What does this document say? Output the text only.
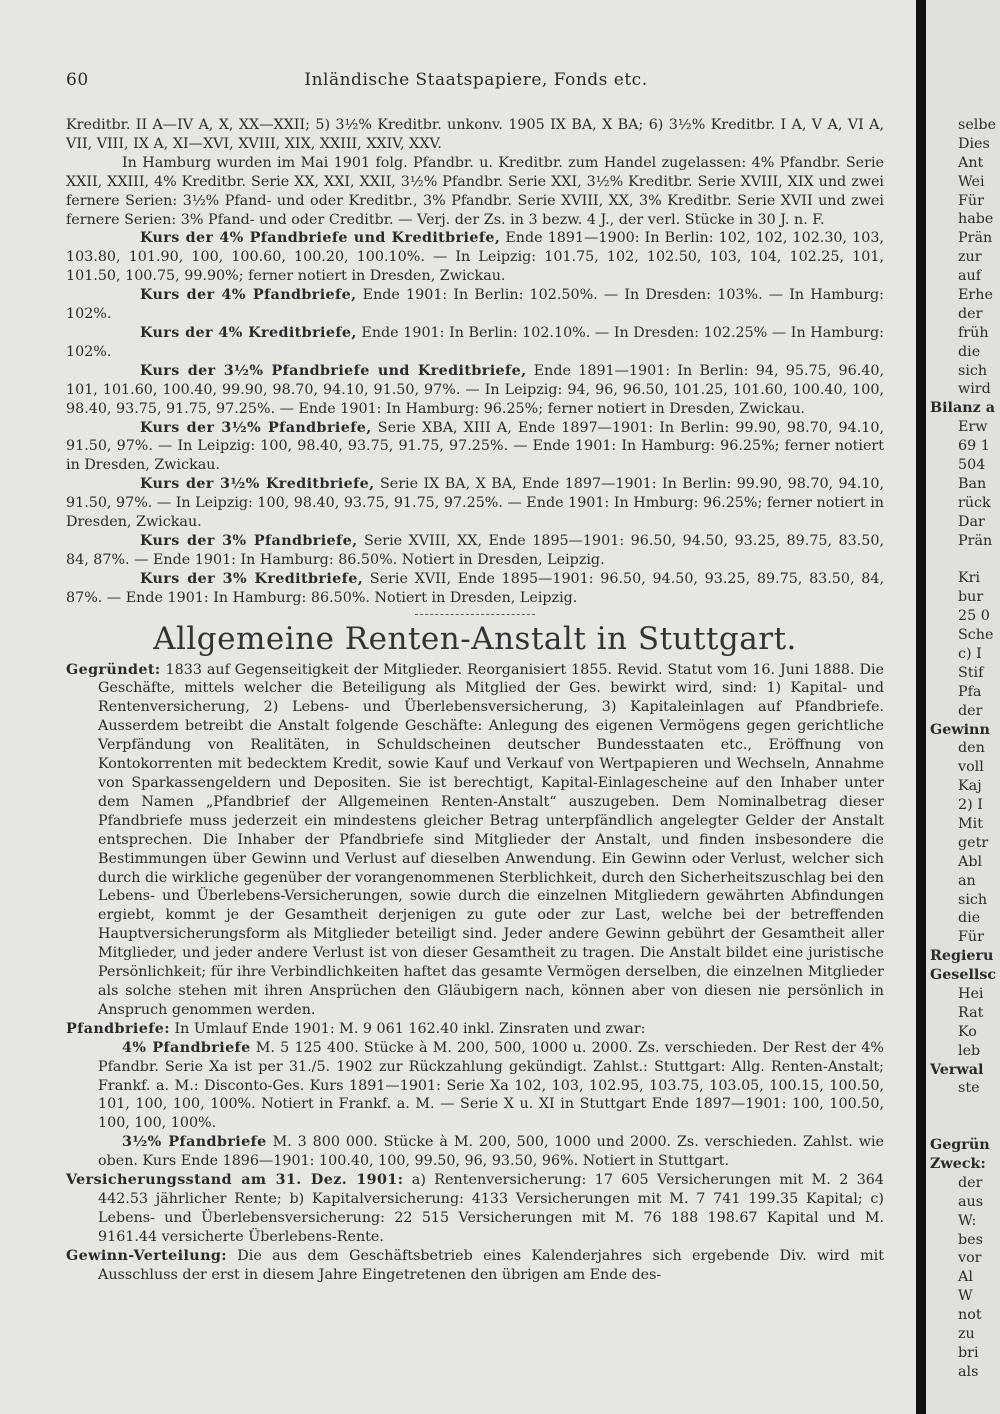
60	Inländische Staatspapiere, Fonds etc.

Kreditbr. II A—IV A, X, XX—XXII; 5) 3½% Kreditbr. unkonv. 1905 IX BA, X BA; 6) 3½% Kreditbr. I A, V A, VI A, VII, VIII, IX A, XI—XVI, XVIII, XIX, XXIII, XXIV, XXV.

In Hamburg wurden im Mai 1901 folg. Pfandbr. u. Kreditbr. zum Handel zugelassen: 4% Pfandbr. Serie XXII, XXIII, 4% Kreditbr. Serie XX, XXI, XXII, 3½% Pfandbr. Serie XXI, 3½% Kreditbr. Serie XVIII, XIX und zwei fernere Serien: 3½% Pfand- und oder Kreditbr., 3% Pfandbr. Serie XVIII, XX, 3% Kreditbr. Serie XVII und zwei fernere Serien: 3% Pfand- und oder Creditbr. — Verj. der Zs. in 3 bezw. 4 J., der verl. Stücke in 30 J. n. F.

Kurs der 4% Pfandbriefe und Kreditbriefe, Ende 1891—1900: In Berlin: 102, 102, 102.30, 103, 103.80, 101.90, 100, 100.60, 100.20, 100.10%. — In Leipzig: 101.75, 102, 102.50, 103, 104, 102.25, 101, 101.50, 100.75, 99.90%; ferner notiert in Dresden, Zwickau.

Kurs der 4% Pfandbriefe, Ende 1901: In Berlin: 102.50%. — In Dresden: 103%. — In Hamburg: 102%.

Kurs der 4% Kreditbriefe, Ende 1901: In Berlin: 102.10%. — In Dresden: 102.25% — In Hamburg: 102%.

Kurs der 3½% Pfandbriefe und Kreditbriefe, Ende 1891—1901: In Berlin: 94, 95.75, 96.40, 101, 101.60, 100.40, 99.90, 98.70, 94.10, 91.50, 97%. — In Leipzig: 94, 96, 96.50, 101.25, 101.60, 100.40, 100, 98.40, 93.75, 91.75, 97.25%. — Ende 1901: In Hamburg: 96.25%; ferner notiert in Dresden, Zwickau.

Kurs der 3½% Pfandbriefe, Serie XBA, XIII A, Ende 1897—1901: In Berlin: 99.90, 98.70, 94.10, 91.50, 97%. — In Leipzig: 100, 98.40, 93.75, 91.75, 97.25%. — Ende 1901: In Hamburg: 96.25%; ferner notiert in Dresden, Zwickau.

Kurs der 3½% Kreditbriefe, Serie IX BA, X BA, Ende 1897—1901: In Berlin: 99.90, 98.70, 94.10, 91.50, 97%. — In Leipzig: 100, 98.40, 93.75, 91.75, 97.25%. — Ende 1901: In Hmburg: 96.25%; ferner notiert in Dresden, Zwickau.

Kurs der 3% Pfandbriefe, Serie XVIII, XX, Ende 1895—1901: 96.50, 94.50, 93.25, 89.75, 83.50, 84, 87%. — Ende 1901: In Hamburg: 86.50%. Notiert in Dresden, Leipzig.

Kurs der 3% Kreditbriefe, Serie XVII, Ende 1895—1901: 96.50, 94.50, 93.25, 89.75, 83.50, 84, 87%. — Ende 1901: In Hamburg: 86.50%. Notiert in Dresden, Leipzig.

Allgemeine Renten-Anstalt in Stuttgart.

Gegründet: 1833 auf Gegenseitigkeit der Mitglieder. Reorganisiert 1855. Revid. Statut vom 16. Juni 1888. Die Geschäfte, mittels welcher die Beteiligung als Mitglied der Ges. bewirkt wird, sind: 1) Kapital- und Rentenversicherung, 2) Lebens- und Überlebensversicherung, 3) Kapitaleinlagen auf Pfandbriefe. Ausserdem betreibt die Anstalt folgende Geschäfte: Anlegung des eigenen Vermögens gegen gerichtliche Verpfändung von Realitäten, in Schuldscheinen deutscher Bundesstaaten etc., Eröffnung von Kontokorrenten mit bedecktem Kredit, sowie Kauf und Verkauf von Wertpapieren und Wechseln, Annahme von Sparkassengeldern und Depositen. Sie ist berechtigt, Kapital-Einlagescheine auf den Inhaber unter dem Namen „Pfandbrief der Allgemeinen Renten-Anstalt“ auszugeben. Dem Nominalbetrag dieser Pfandbriefe muss jederzeit ein mindestens gleicher Betrag unterpfändlich angelegter Gelder der Anstalt entsprechen. Die Inhaber der Pfandbriefe sind Mitglieder der Anstalt, und finden insbesondere die Bestimmungen über Gewinn und Verlust auf dieselben Anwendung. Ein Gewinn oder Verlust, welcher sich durch die wirkliche gegenüber der vorangenommenen Sterblichkeit, durch den Sicherheitszuschlag bei den Lebens- und Überlebens-Versicherungen, sowie durch die einzelnen Mitgliedern gewährten Abfindungen ergiebt, kommt je der Gesamtheit derjenigen zu gute oder zur Last, welche bei der betreffenden Hauptversicherungsform als Mitglieder beteiligt sind. Jeder andere Gewinn gebührt der Gesamtheit aller Mitglieder, und jeder andere Verlust ist von dieser Gesamtheit zu tragen. Die Anstalt bildet eine juristische Persönlichkeit; für ihre Verbindlichkeiten haftet das gesamte Vermögen derselben, die einzelnen Mitglieder als solche stehen mit ihren Ansprüchen den Gläubigern nach, können aber von diesen nie persönlich in Anspruch genommen werden.

Pfandbriefe: In Umlauf Ende 1901: M. 9 061 162.40 inkl. Zinsraten und zwar:

4% Pfandbriefe M. 5 125 400. Stücke à M. 200, 500, 1000 u. 2000. Zs. verschieden. Der Rest der 4% Pfandbr. Serie Xa ist per 31./5. 1902 zur Rückzahlung gekündigt. Zahlst.: Stuttgart: Allg. Renten-Anstalt; Frankf. a. M.: Disconto-Ges. Kurs 1891—1901: Serie Xa 102, 103, 102.95, 103.75, 103.05, 100.15, 100.50, 101, 100, 100, 100%. Notiert in Frankf. a. M. — Serie X u. XI in Stuttgart Ende 1897—1901: 100, 100.50, 100, 100, 100%.

3½% Pfandbriefe M. 3 800 000. Stücke à M. 200, 500, 1000 und 2000. Zs. verschieden. Zahlst. wie oben. Kurs Ende 1896—1901: 100.40, 100, 99.50, 96, 93.50, 96%. Notiert in Stuttgart.

Versicherungsstand am 31. Dez. 1901: a) Rentenversicherung: 17 605 Versicherungen mit M. 2 364 442.53 jährlicher Rente; b) Kapitalversicherung: 4133 Versicherungen mit M. 7 741 199.35 Kapital; c) Lebens- und Überlebensversicherung: 22 515 Versicherungen mit M. 76 188 198.67 Kapital und M. 9161.44 versicherte Überlebens-Rente.

Gewinn-Verteilung: Die aus dem Geschäftsbetrieb eines Kalenderjahres sich ergebende Div. wird mit Ausschluss der erst in diesem Jahre Eingetretenen den übrigen am Ende des-

selbe
Dies
Ant
Wei
Für
habe
Prän
zur
auf
Erhe
der
früh
die
sich
wird
Bilanz a
Erw
69 1
504
Ban
rück
Dar
Prän
Kri
bur
25 0
Sche
c) I
Stif
Pfa
der
Gewinn
den
voll
Kaj
2) I
Mit
getr
Abl
an
sich
die
Für
Regieru
Gesellsc
Hei
Rat
Ko
leb
Verwal
ste
Gegrün
Zweck:
der
aus
W:
bes
vor
Al
W
not
zu
bri
als
